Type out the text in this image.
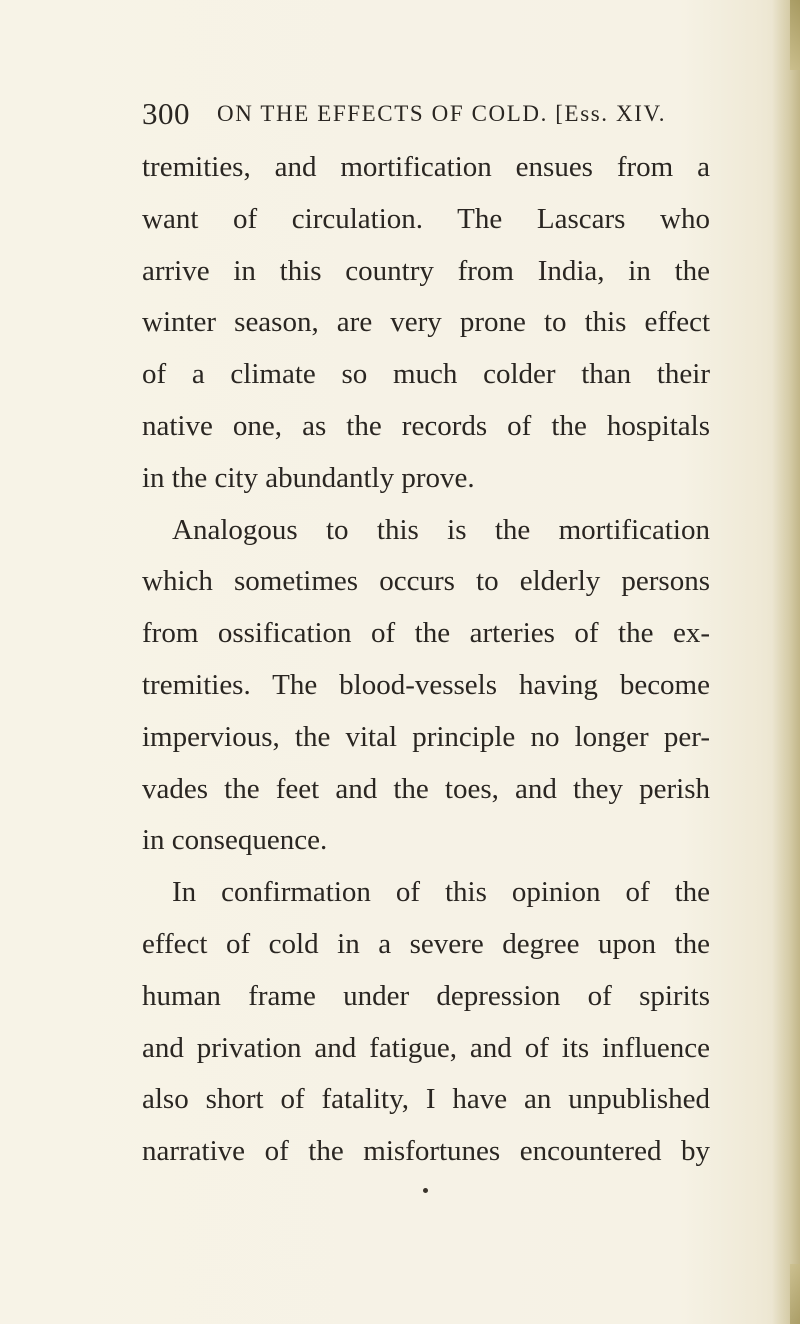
300 ON THE EFFECTS OF COLD. [Ess. XIV.
tremities, and mortification ensues from a
want of circulation. The Lascars who
arrive in this country from India, in the
winter season, are very prone to this effect
of a climate so much colder than their
native one, as the records of the hospitals
in the city abundantly prove.
Analogous to this is the mortification
which sometimes occurs to elderly persons
from ossification of the arteries of the ex-
tremities. The blood-vessels having become
impervious, the vital principle no longer per-
vades the feet and the toes, and they perish
in consequence.
In confirmation of this opinion of the
effect of cold in a severe degree upon the
human frame under depression of spirits
and privation and fatigue, and of its influence
also short of fatality, I have an unpublished
narrative of the misfortunes encountered by
